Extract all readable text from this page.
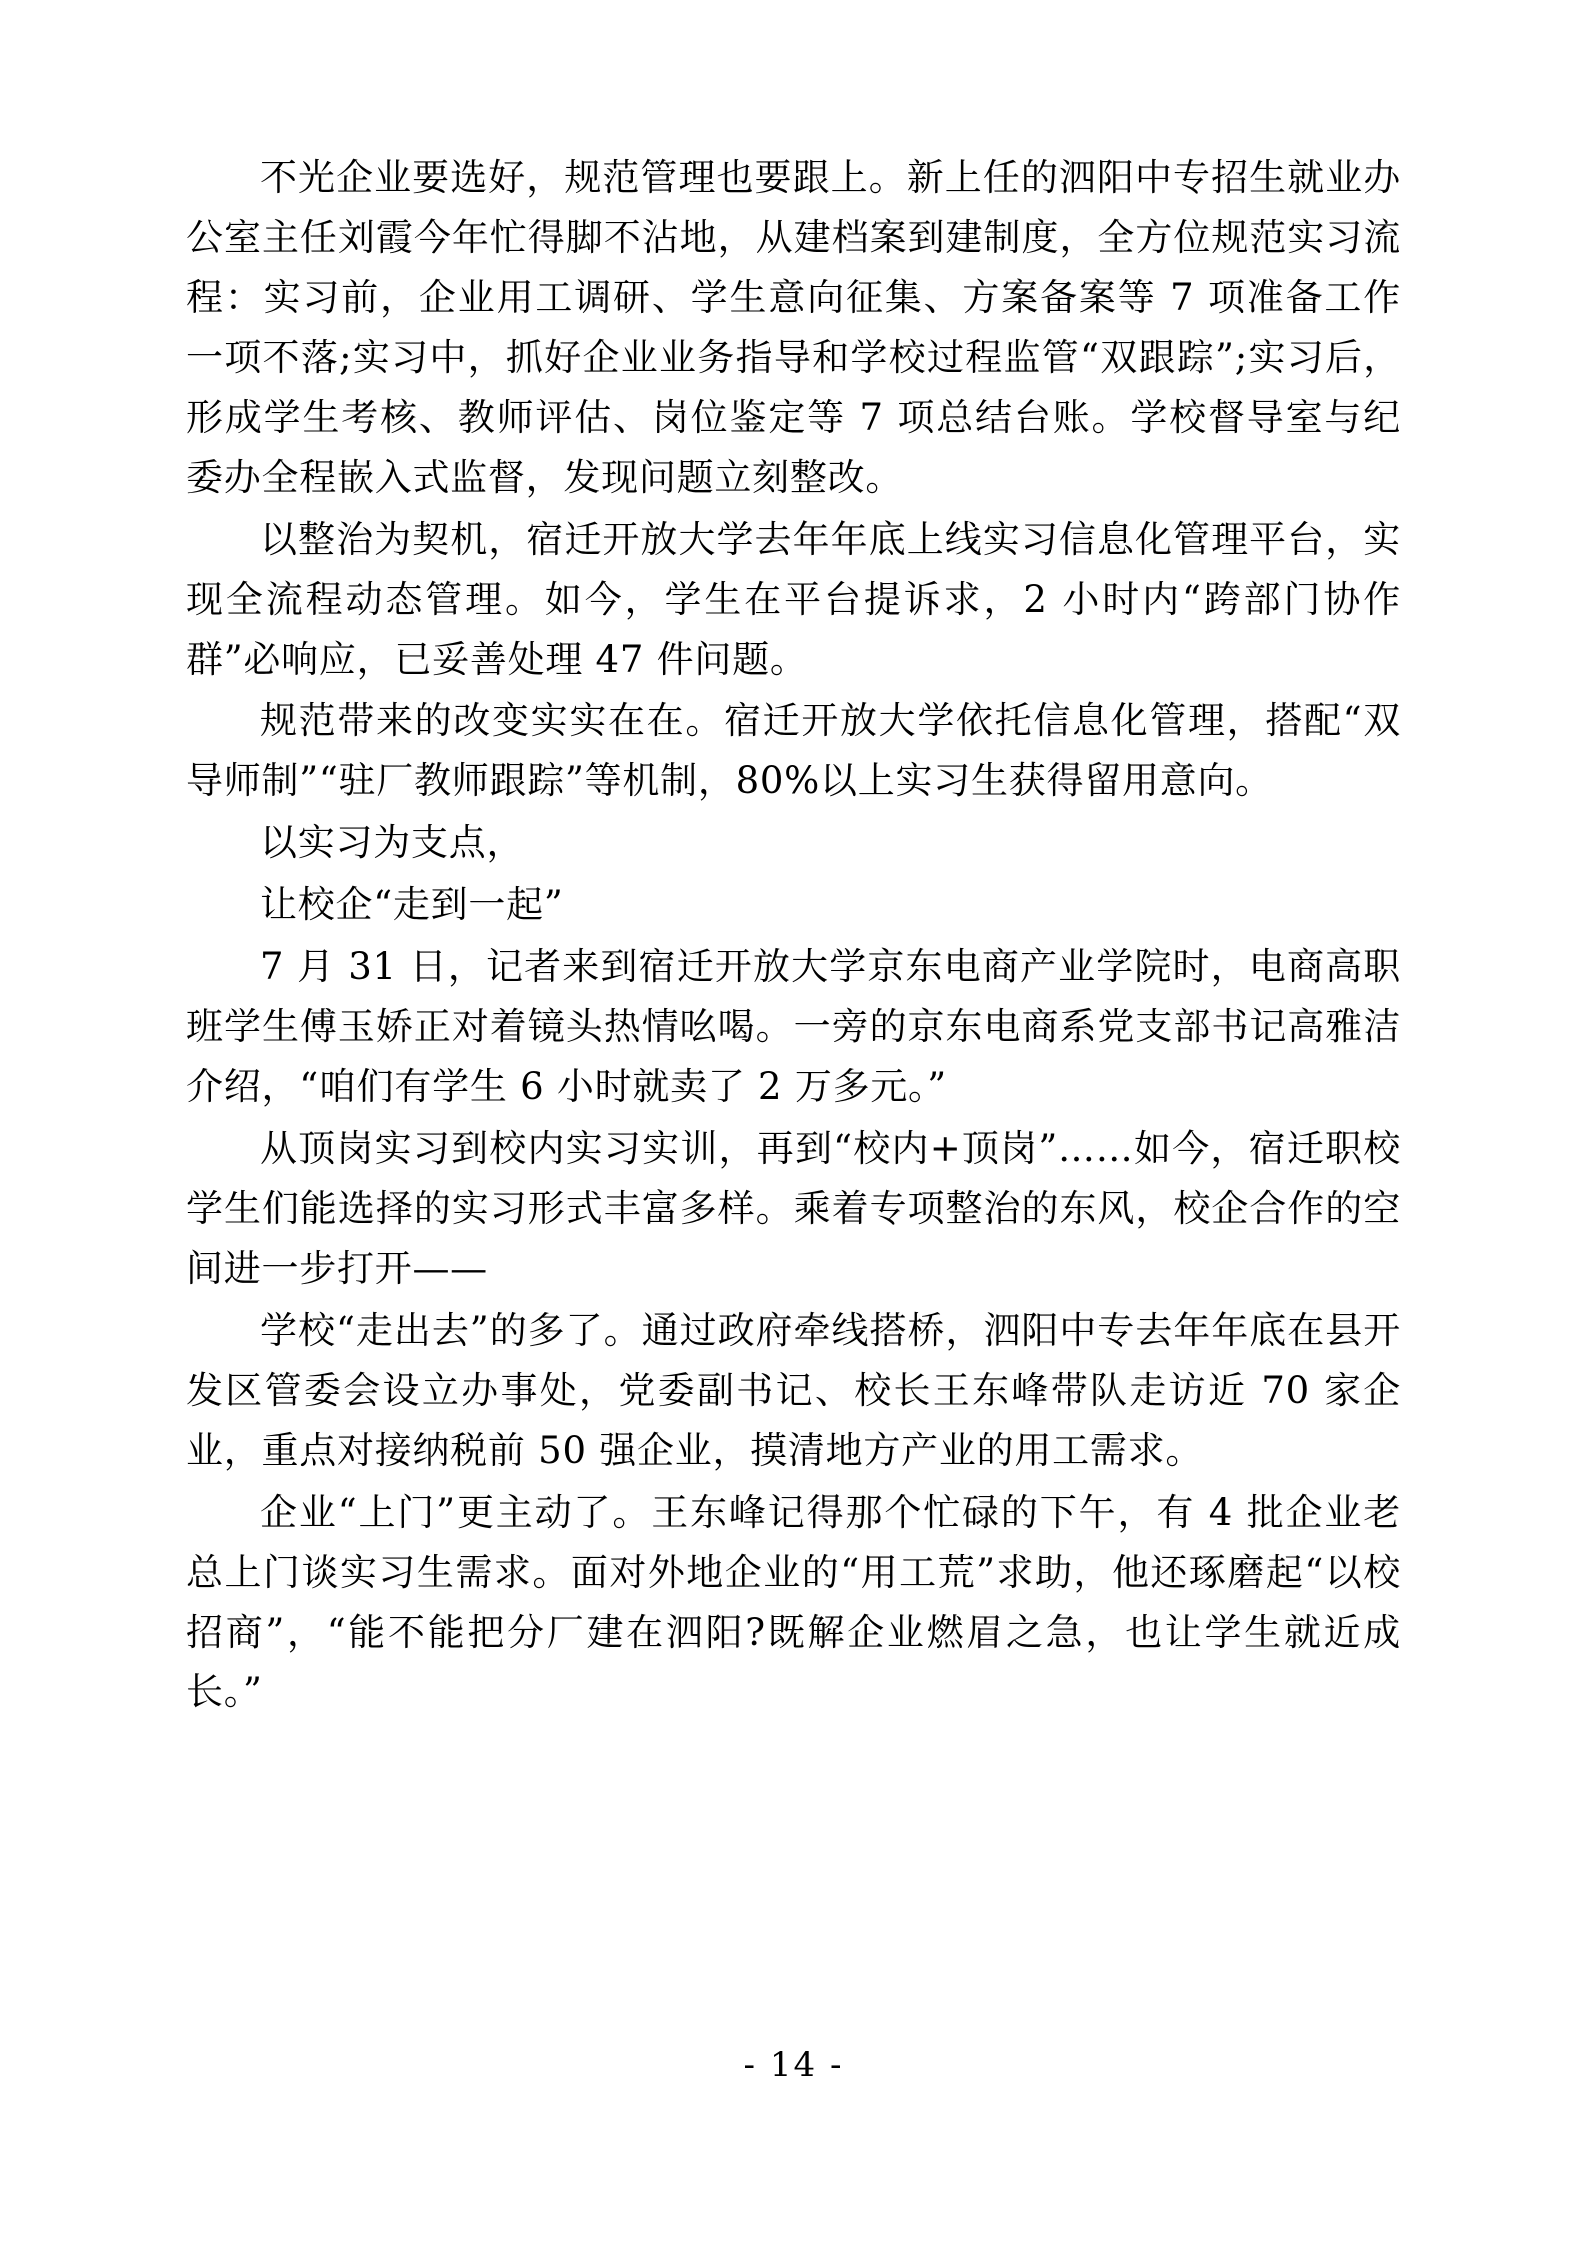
不光企业要选好，规范管理也要跟上。新上任的泗阳中专招生就业办公室主任刘霞今年忙得脚不沾地，从建档案到建制度，全方位规范实习流程：实习前，企业用工调研、学生意向征集、方案备案等 7 项准备工作一项不落;实习中，抓好企业业务指导和学校过程监管“双跟踪”;实习后，形成学生考核、教师评估、岗位鉴定等 7 项总结台账。学校督导室与纪委办全程嵌入式监督，发现问题立刻整改。

以整治为契机，宿迁开放大学去年年底上线实习信息化管理平台，实现全流程动态管理。如今，学生在平台提诉求，2 小时内“跨部门协作群”必响应，已妥善处理 47 件问题。

规范带来的改变实实在在。宿迁开放大学依托信息化管理，搭配“双导师制”“驻厂教师跟踪”等机制，80%以上实习生获得留用意向。

以实习为支点，

让校企“走到一起”

7 月 31 日，记者来到宿迁开放大学京东电商产业学院时，电商高职班学生傅玉娇正对着镜头热情吆喝。一旁的京东电商系党支部书记高雅洁介绍，“咱们有学生 6 小时就卖了 2 万多元。”

从顶岗实习到校内实习实训，再到“校内+顶岗”……如今，宿迁职校学生们能选择的实习形式丰富多样。乘着专项整治的东风，校企合作的空间进一步打开——

学校“走出去”的多了。通过政府牵线搭桥，泗阳中专去年年底在县开发区管委会设立办事处，党委副书记、校长王东峰带队走访近 70 家企业，重点对接纳税前 50 强企业，摸清地方产业的用工需求。

企业“上门”更主动了。王东峰记得那个忙碌的下午，有 4 批企业老总上门谈实习生需求。面对外地企业的“用工荒”求助，他还琢磨起“以校招商”，“能不能把分厂建在泗阳?既解企业燃眉之急，也让学生就近成长。”

- 14 -
